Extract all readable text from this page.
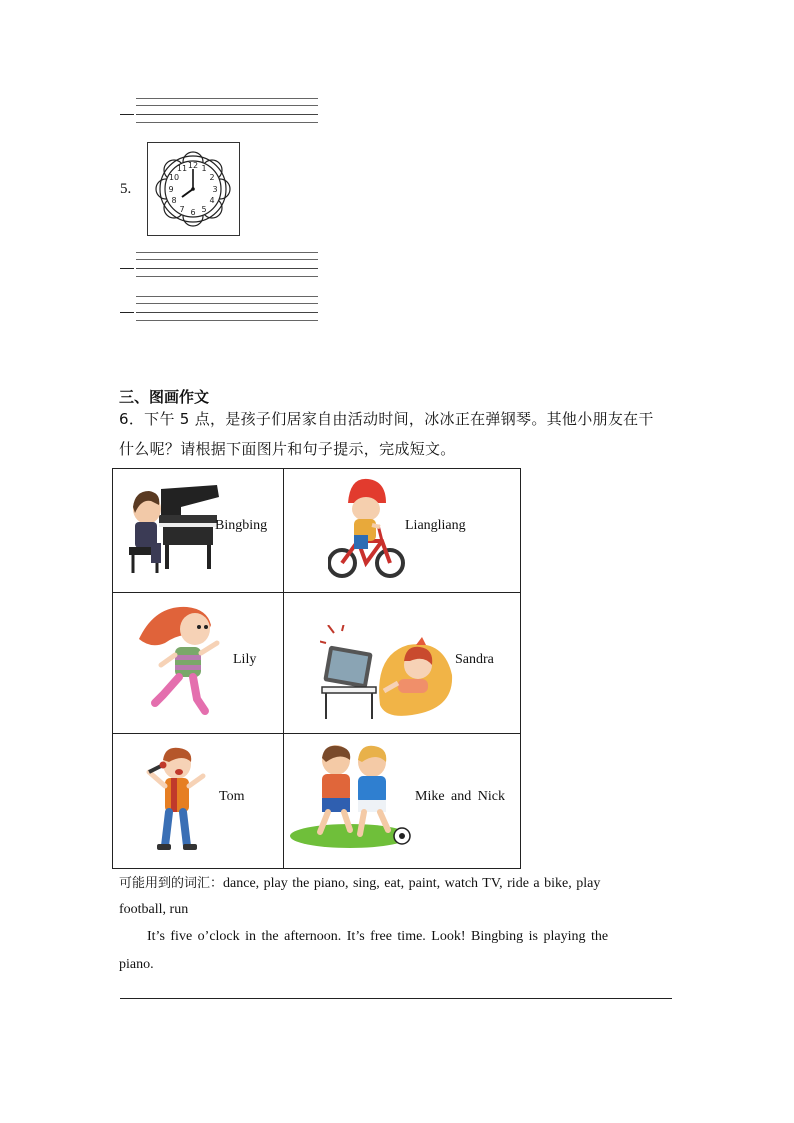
5.
12 1
2
3
4
5
6
7
8
9
10
11
三、图画作文
6．下午 5 点，是孩子们居家自由活动时间，冰冰正在弹钢琴。其他小朋友在干
什么呢？请根据下面图片和句子提示，完成短文。
Bingbing	Liangliang

Lily	Sandra

Tom	Mike and Nick
可能用到的词汇：dance, play the piano, sing, eat, paint, watch TV, ride a bike, play
football, run
It’s five o’clock in the afternoon. It’s free time. Look! Bingbing is playing the
piano.
